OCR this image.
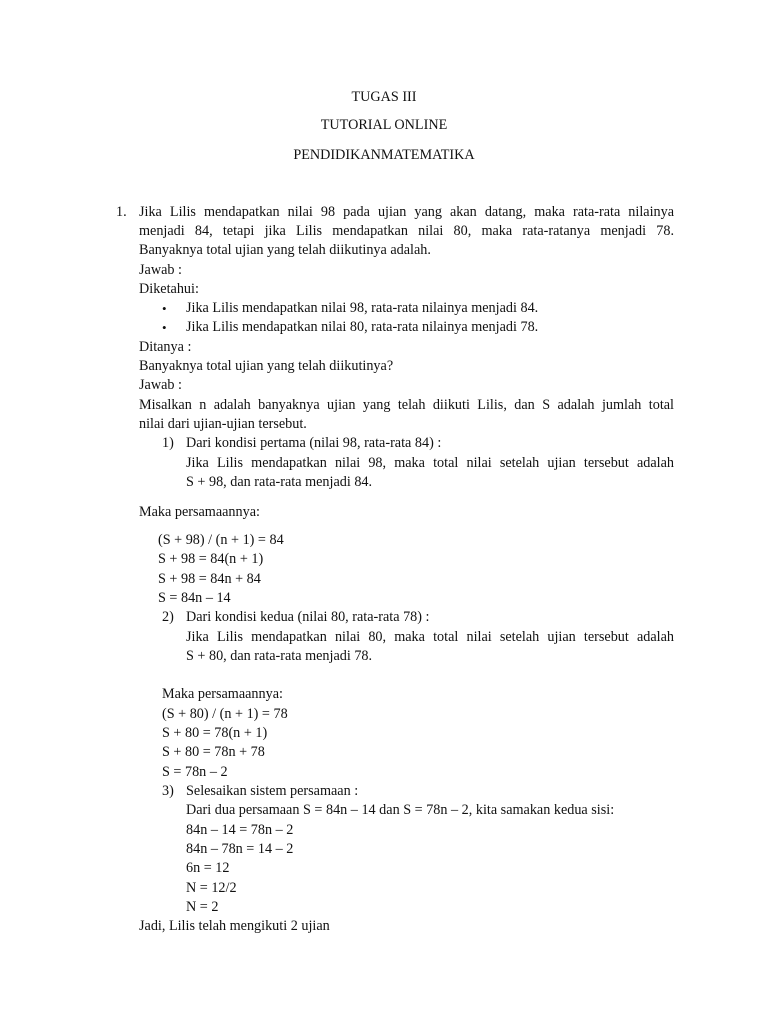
TUGAS III
TUTORIAL ONLINE
PENDIDIKANMATEMATIKA
1. Jika Lilis mendapatkan nilai 98 pada ujian yang akan datang, maka rata-rata nilainya
menjadi 84, tetapi jika Lilis mendapatkan nilai 80, maka rata-ratanya menjadi 78.
Banyaknya total ujian yang telah diikutinya adalah.
Jawab :
Diketahui:
• Jika Lilis mendapatkan nilai 98, rata-rata nilainya menjadi 84.
• Jika Lilis mendapatkan nilai 80, rata-rata nilainya menjadi 78.
Ditanya :
Banyaknya total ujian yang telah diikutinya?
Jawab :
Misalkan n adalah banyaknya ujian yang telah diikuti Lilis, dan S adalah jumlah total
nilai dari ujian-ujian tersebut.
1) Dari kondisi pertama (nilai 98, rata-rata 84) :
Jika Lilis mendapatkan nilai 98, maka total nilai setelah ujian tersebut adalah
S + 98, dan rata-rata menjadi 84.
Maka persamaannya:
(S + 98) / (n + 1) = 84
S + 98 = 84(n + 1)
S + 98 = 84n + 84
S = 84n – 14
2) Dari kondisi kedua (nilai 80, rata-rata 78) :
Jika Lilis mendapatkan nilai 80, maka total nilai setelah ujian tersebut adalah
S + 80, dan rata-rata menjadi 78.
Maka persamaannya:
(S + 80) / (n + 1) = 78
S + 80 = 78(n + 1)
S + 80 = 78n + 78
S = 78n – 2
3) Selesaikan sistem persamaan :
Dari dua persamaan S = 84n – 14 dan S = 78n – 2, kita samakan kedua sisi:
84n – 14 = 78n – 2
84n – 78n = 14 – 2
6n = 12
N = 12/2
N = 2
Jadi, Lilis telah mengikuti 2 ujian
